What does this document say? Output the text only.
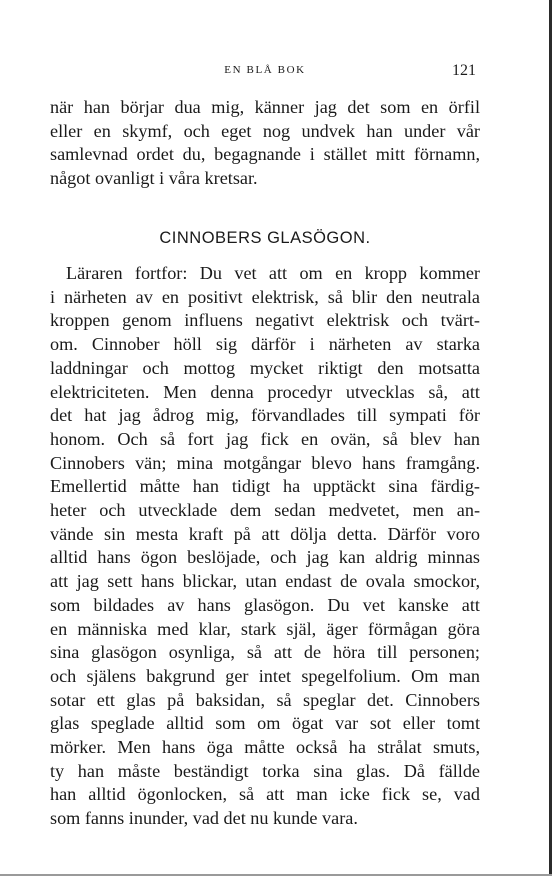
EN BLÅ BOK	121

när han börjar dua mig, känner jag det som en örfil

eller en skymf, och eget nog undvek han under vår

samlevnad ordet du, begagnande i stället mitt förnamn,

något ovanligt i våra kretsar.

CINNOBERS GLASÖGON.

Läraren fortfor: Du vet att om en kropp kommer

i närheten av en positivt elektrisk, så blir den neutrala

kroppen genom influens negativt elektrisk och tvärt-

om. Cinnober höll sig därför i närheten av starka

laddningar och mottog mycket riktigt den motsatta

elektriciteten. Men denna procedyr utvecklas så, att

det hat jag ådrog mig, förvandlades till sympati för

honom. Och så fort jag fick en ovän, så blev han

Cinnobers vän; mina motgångar blevo hans framgång.

Emellertid måtte han tidigt ha upptäckt sina färdig-

heter och utvecklade dem sedan medvetet, men an-

vände sin mesta kraft på att dölja detta. Därför voro

alltid hans ögon beslöjade, och jag kan aldrig minnas

att jag sett hans blickar, utan endast de ovala smockor,

som bildades av hans glasögon. Du vet kanske att

en människa med klar, stark själ, äger förmågan göra

sina glasögon osynliga, så att de höra till personen;

och själens bakgrund ger intet spegelfolium. Om man

sotar ett glas på baksidan, så speglar det. Cinnobers

glas speglade alltid som om ögat var sot eller tomt

mörker. Men hans öga måtte också ha strålat smuts,

ty han måste beständigt torka sina glas. Då fällde

han alltid ögonlocken, så att man icke fick se, vad

som fanns inunder, vad det nu kunde vara.
